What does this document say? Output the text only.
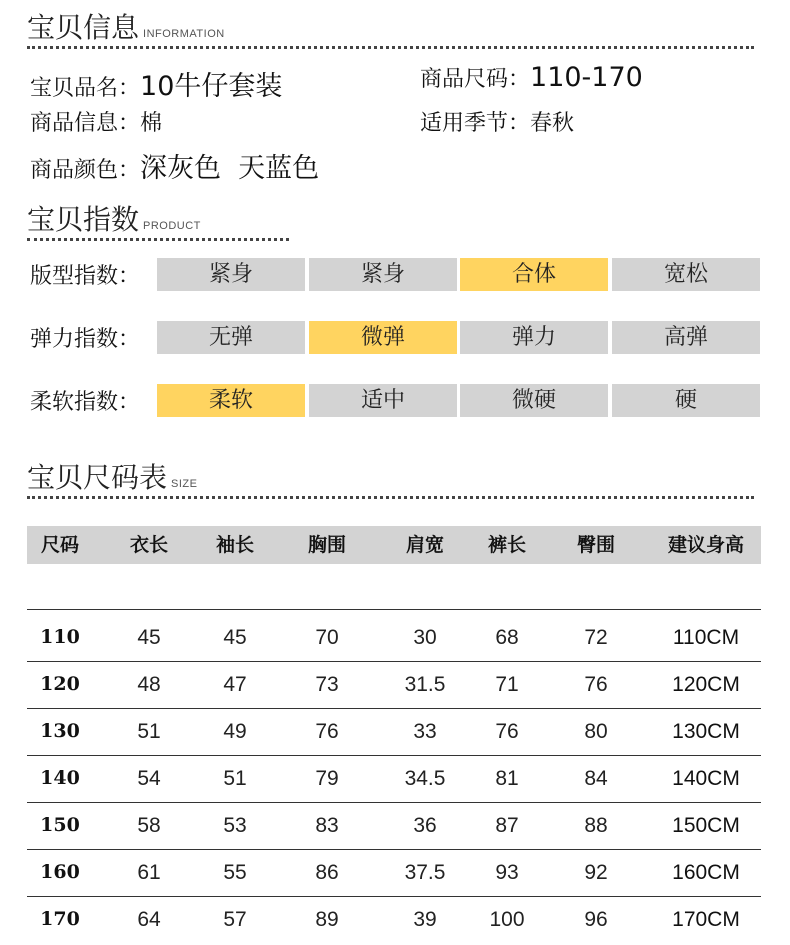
宝贝信息 INFORMATION
宝贝品名：10牛仔套装	商品尺码：110-170
商品信息：棉	适用季节：春秋
商品颜色：深灰色  天蓝色
宝贝指数 PRODUCT
版型指数：	紧身	紧身	合体	宽松
弹力指数：	无弹	微弹	弹力	高弹
柔软指数：	柔软	适中	微硬	硬
宝贝尺码表 SIZE
尺码	衣长	袖长	胸围	肩宽	裤长	臀围	建议身高
110	45	45	70	30	68	72	110CM
120	48	47	73	31.5	71	76	120CM
130	51	49	76	33	76	80	130CM
140	54	51	79	34.5	81	84	140CM
150	58	53	83	36	87	88	150CM
160	61	55	86	37.5	93	92	160CM
170	64	57	89	39	100	96	170CM
